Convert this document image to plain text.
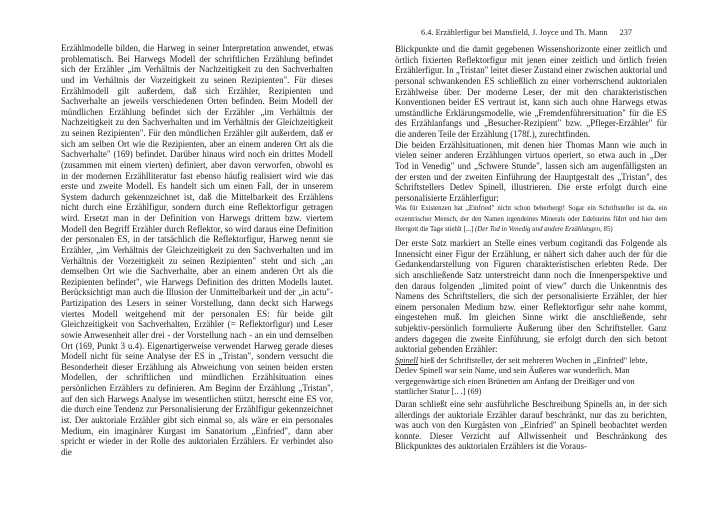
6.4. Erzählerfigur bei Mansfield, J. Joyce und Th. Mann 237

Erzählmodelle bilden, die Harweg in seiner Interpretation anwendet, etwas problematisch. Bei Harwegs Modell der schriftlichen Erzählung befindet sich der Erzähler „im Verhältnis der Nachzeitigkeit zu den Sachverhalten und im Verhältnis der Vorzeitigkeit zu seinen Rezipienten". Für dieses Erzählmodell gilt außerdem, daß sich Erzähler, Rezipienten und Sachverhalte an jeweils verschiedenen Orten befinden. Beim Modell der mündlichen Erzählung befindet sich der Erzähler „im Verhältnis der Nachzeitigkeit zu den Sachverhalten und im Verhältnis der Gleichzeitigkeit zu seinen Rezipienten". Für den mündlichen Erzähler gilt außerdem, daß er sich am selben Ort wie die Rezipienten, aber an einem anderen Ort als die Sachverhalte" (169) befindet. Darüber hinaus wird noch ein drittes Modell (zusammen mit einem vierten) definiert, aber davon verworfen, obwohl es in der modernen Erzählliteratur fast ebenso häufig realisiert wird wie das erste und zweite Modell. Es handelt sich um einen Fall, der in unserem System dadurch gekennzeichnet ist, daß die Mittelbarkeit des Erzählens nicht durch eine Erzählfigur, sondern durch eine Reflektorfigur getragen wird. Ersetzt man in der Definition von Harwegs drittem bzw. viertem Modell den Begriff Erzähler durch Reflektor, so wird daraus eine Definition der personalen ES, in der tatsächlich die Reflektorfigur, Harweg nennt sie Erzähler, „im Verhältnis der Gleichzeitigkeit zu den Sachverhalten und im Verhältnis der Vorzeitigkeit zu seinen Rezipienten" steht und sich „an demselben Ort wie die Sachverhalte, aber an einem anderen Ort als die Rezipienten befindet", wie Harwegs Definition des dritten Modells lautet. Berücksichtigt man auch die Illusion der Unmittelbarkeit und der „in actu"-Partizipation des Lesers in seiner Vorstellung, dann deckt sich Harwegs viertes Modell weitgehend mit der personalen ES: für beide gilt Gleichzeitigkeit von Sachverhalten, Erzähler (= Reflektorfigur) und Leser sowie Anwesenheit aller drei - der Vorstellung nach - an ein und demselben Ort (169, Punkt 3 u.4). Eigenartigerweise verwendet Harweg gerade dieses Modell nicht für seine Analyse der ES in „Tristan", sondern versucht die Besonderheit dieser Erzählung als Abweichung von seinen beiden ersten Modellen, der schriftlichen und mündlichen Erzählsituation eines persönlichen Erzählers zu definieren. Am Beginn der Erzählung „Tristan", auf den sich Harwegs Analyse im wesentlichen stützt, herrscht eine ES vor, die durch eine Tendenz zur Personalisierung der Erzählfigur gekennzeichnet ist. Der auktoriale Erzähler gibt sich einmal so, als wäre er ein personales Medium, ein imaginärer Kurgast im Sanatorium „Einfried", dann aber spricht er wieder in der Rolle des auktorialen Erzählers. Er verbindet also die

Blickpunkte und die damit gegebenen Wissenshorizonte einer zeitlich und örtlich fixierten Reflektorfigur mit jenen einer zeitlich und örtlich freien Erzählerfigur. In „Tristan" leitet dieser Zustand einer zwischen auktorial und personal schwankenden ES schließlich zu einer vorherrschend auktorialen Erzählweise über. Der moderne Leser, der mit den charakteristischen Konventionen beider ES vertraut ist, kann sich auch ohne Harwegs etwas umständliche Erklärungsmodelle, wie „Fremdenführersituation" für die ES des Erzählanfangs und „Besucher-Rezipient" bzw. „Pfleger-Erzähler" für die anderen Teile der Erzählung (178f.), zurechtfinden.

Die beiden Erzählsituationen, mit denen hier Thomas Mann wie auch in vielen seiner anderen Erzählungen virtuos operiert, so etwa auch in „Der Tod in Venedig" und „Schwere Stunde", lassen sich am augenfälligsten an der ersten und der zweiten Einführung der Hauptgestalt des „Tristan", des Schriftstellers Detlev Spinell, illustrieren. Die erste erfolgt durch eine personalisierte Erzählerfigur:

Was für Existenzen hat „Einfried" nicht schon beherbergt! Sogar ein Schriftsteller ist da, ein exzentrischer Mensch, der den Namen irgendeines Minerals oder Edelsteins führt und hier dem Herrgott die Tage stiehlt [...] (Der Tod in Venedig und andere Erzählungen, 85)

Der erste Satz markiert an Stelle eines verbum cogitandi das Folgende als Innensicht einer Figur der Erzählung, er nähert sich daher auch der für die Gedankendarstellung von Figuren charakteristischen erlebten Rede. Der sich anschließende Satz unterstreicht dann noch die Innenperspektive und den daraus folgenden „limited point of view" durch die Unkenntnis des Namens des Schriftstellers, die sich der personalisierte Erzähler, der hier einem personalen Medium bzw. einer Reflektorfigur sehr nahe kommt, eingestehen muß. Im gleichen Sinne wirkt die anschließende, sehr subjektiv-persönlich formulierte Äußerung über den Schriftsteller. Ganz anders dagegen die zweite Einführung, sie erfolgt durch den sich betont auktorial gebenden Erzähler:

Spinell hieß der Schriftsteller, der seit mehreren Wochen in „Einfried" lebte, Detlev Spinell war sein Name, und sein Äußeres war wunderlich. Man vergegenwärtige sich einen Brünetten am Anfang der Dreißiger und von stattlicher Statur [.. .] (69)

Daran schließt eine sehr ausführliche Beschreibung Spinells an, in der sich allerdings der auktoriale Erzähler darauf beschränkt, nur das zu berichten, was auch von den Kurgästen von „Einfried" an Spinell beobachtet werden konnte. Dieser Verzicht auf Allwissenheit und Beschränkung des Blickpunktes des auktorialen Erzählers ist die Voraus-
